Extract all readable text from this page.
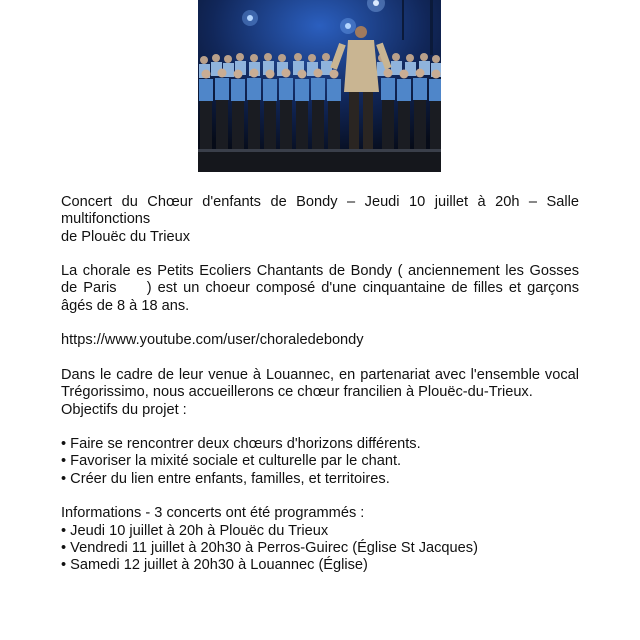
Concert du Chœur d'enfants de Bondy – Jeudi 10 juillet à 20h – Salle multifonctions

de Plouëc du Trieux

La chorale es Petits Ecoliers Chantants de Bondy ( anciennement les Gosses de Paris     ) est un choeur composé d'une cinquantaine de filles et garçons âgés de 8 à 18 ans.

https://www.youtube.com/user/choraledebondy

Dans le cadre de leur venue à Louannec, en partenariat avec l'ensemble vocal Trégorissimo, nous accueillerons ce chœur francilien à Plouëc-du-Trieux.

Objectifs du projet :

• Faire se rencontrer deux chœurs d'horizons différents.
• Favoriser la mixité sociale et culturelle par le chant.
• Créer du lien entre enfants, familles, et territoires.

Informations - 3 concerts ont été programmés :

• Jeudi 10 juillet à 20h à Plouëc du Trieux
• Vendredi 11 juillet à 20h30 à Perros-Guirec (Église St Jacques)
• Samedi 12 juillet à 20h30 à Louannec (Église)
